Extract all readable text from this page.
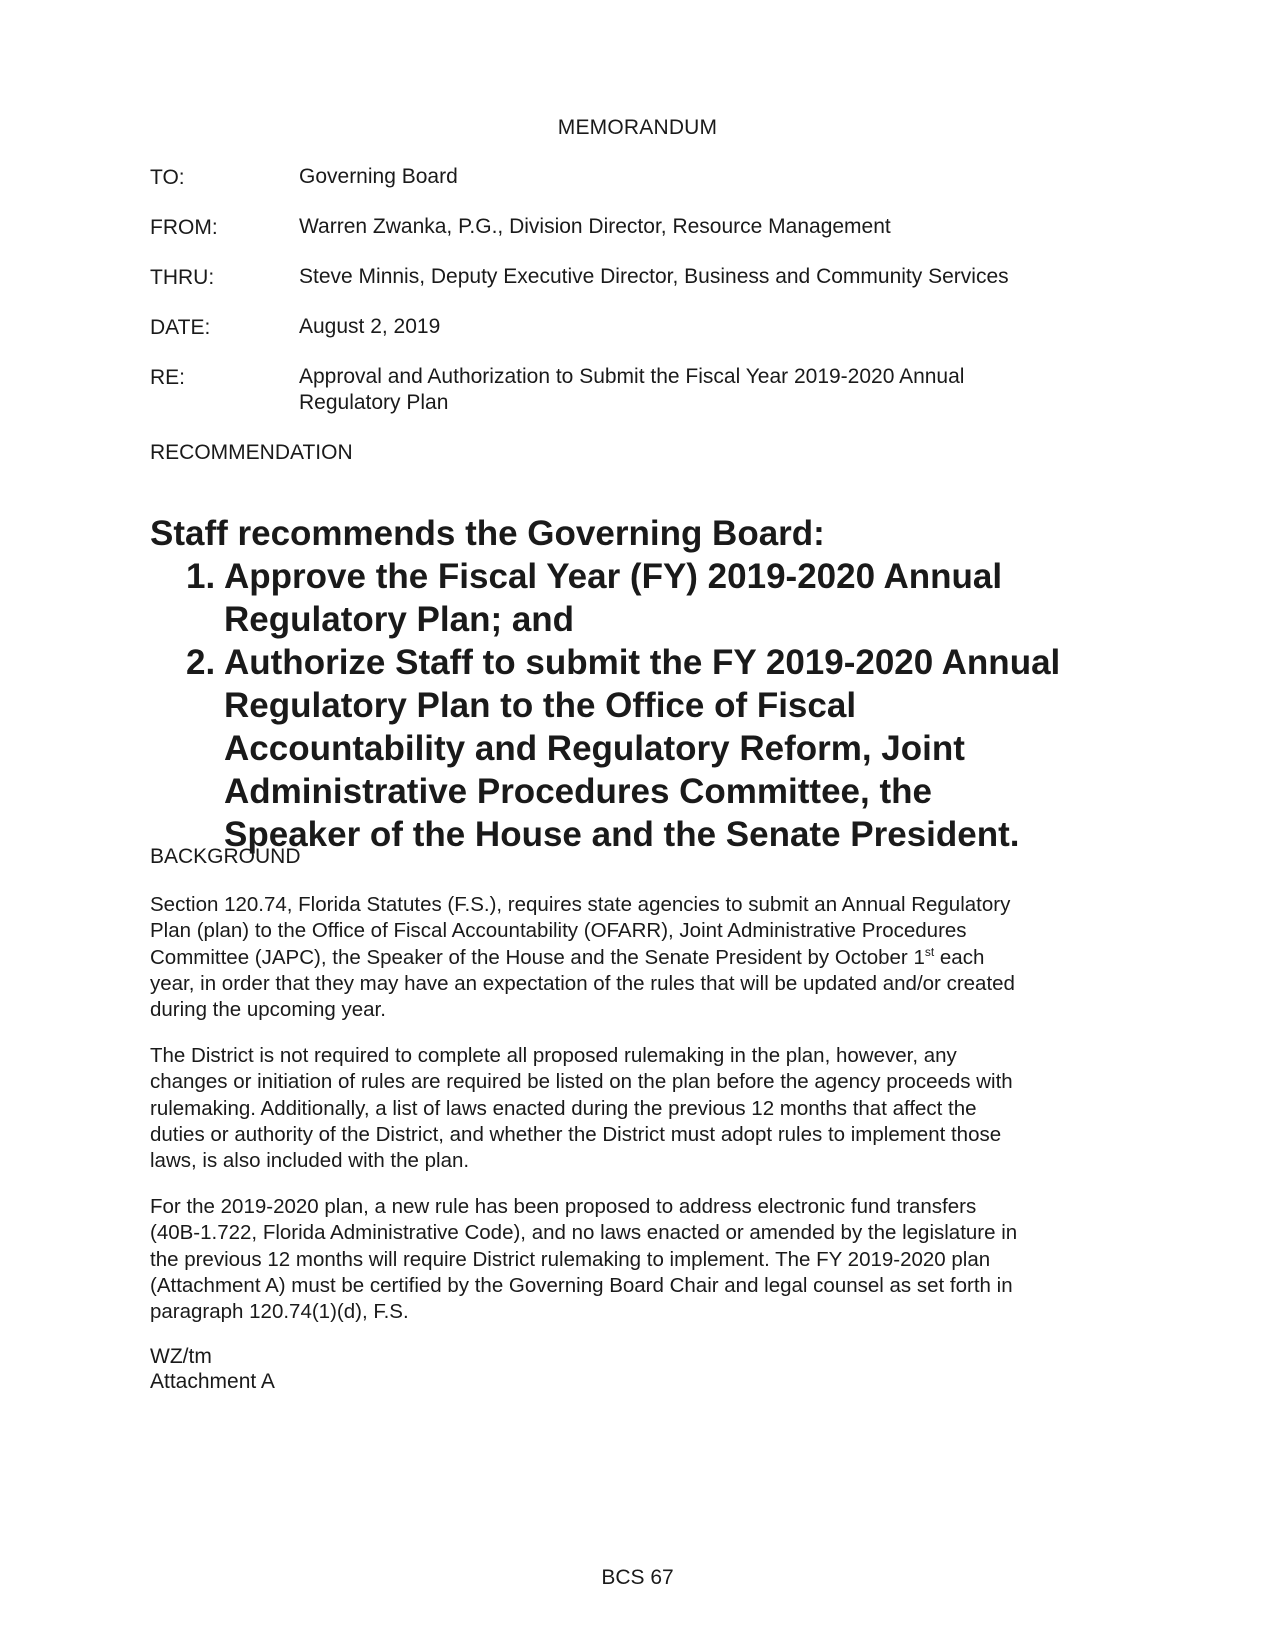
MEMORANDUM
TO:	Governing Board
FROM:	Warren Zwanka, P.G., Division Director, Resource Management
THRU:	Steve Minnis, Deputy Executive Director, Business and Community Services
DATE:	August 2, 2019
RE:	Approval and Authorization to Submit the Fiscal Year 2019-2020 Annual
Regulatory Plan
RECOMMENDATION

Staff recommends the Governing Board:

1. Approve the Fiscal Year (FY) 2019-2020 Annual
Regulatory Plan; and
2. Authorize Staff to submit the FY 2019-2020 Annual
Regulatory Plan to the Office of Fiscal
Accountability and Regulatory Reform, Joint
Administrative Procedures Committee, the
Speaker of the House and the Senate President.
BACKGROUND

Section 120.74, Florida Statutes (F.S.), requires state agencies to submit an Annual Regulatory
Plan (plan) to the Office of Fiscal Accountability (OFARR), Joint Administrative Procedures
Committee (JAPC), the Speaker of the House and the Senate President by October 1st each
year, in order that they may have an expectation of the rules that will be updated and/or created
during the upcoming year.

The District is not required to complete all proposed rulemaking in the plan, however, any
changes or initiation of rules are required be listed on the plan before the agency proceeds with
rulemaking. Additionally, a list of laws enacted during the previous 12 months that affect the
duties or authority of the District, and whether the District must adopt rules to implement those
laws, is also included with the plan.

For the 2019-2020 plan, a new rule has been proposed to address electronic fund transfers
(40B-1.722, Florida Administrative Code), and no laws enacted or amended by the legislature in
the previous 12 months will require District rulemaking to implement. The FY 2019-2020 plan
(Attachment A) must be certified by the Governing Board Chair and legal counsel as set forth in
paragraph 120.74(1)(d), F.S.

WZ/tm
Attachment A
BCS 67
